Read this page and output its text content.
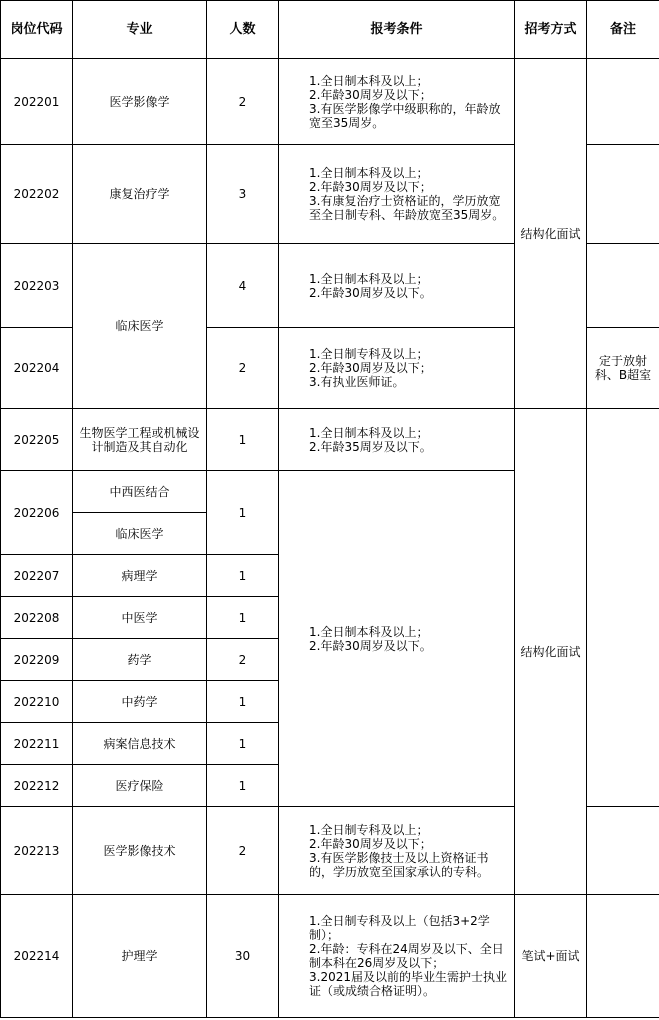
岗位代码	专业	人数	报考条件	招考方式	备注
202201	医学影像学	2	1.全日制本科及以上；
2.年龄30周岁及以下；
3.有医学影像学中级职称的，年龄放宽至35周岁。	结构化面试	
202202	康复治疗学	3	1.全日制本科及以上；
2.年龄30周岁及以下；
3.有康复治疗士资格证的，学历放宽至全日制专科、年龄放宽至35周岁。		

202203	临床医学	4	1.全日制本科及以上；
2.年龄30周岁及以下。		

202204		2	1.全日制专科及以上；
2.年龄30周岁及以下；
3.有执业医师证。		定于放射科、B超室
202205	生物医学工程或机械设计制造及其自动化	1	1.全日制本科及以上；
2.年龄35周岁及以下。	结构化面试	
202206	中西医结合	1	1.全日制本科及以上；
2.年龄30周岁及以下。		

	临床医学				
202207	病理学	1			
202208	中医学	1			
202209	药学	2			
202210	中药学	1			
202211	病案信息技术	1			
202212	医疗保险	1			
202213	医学影像技术	2	1.全日制专科及以上；
2.年龄30周岁及以下；
3.有医学影像技士及以上资格证书的，学历放宽至国家承认的专科。		

202214	护理学	30	1.全日制专科及以上（包括3+2学制）；
2.年龄：专科在24周岁及以下、全日制本科在26周岁及以下；
3.2021届及以前的毕业生需护士执业证（或成绩合格证明）。	笔试+面试	
